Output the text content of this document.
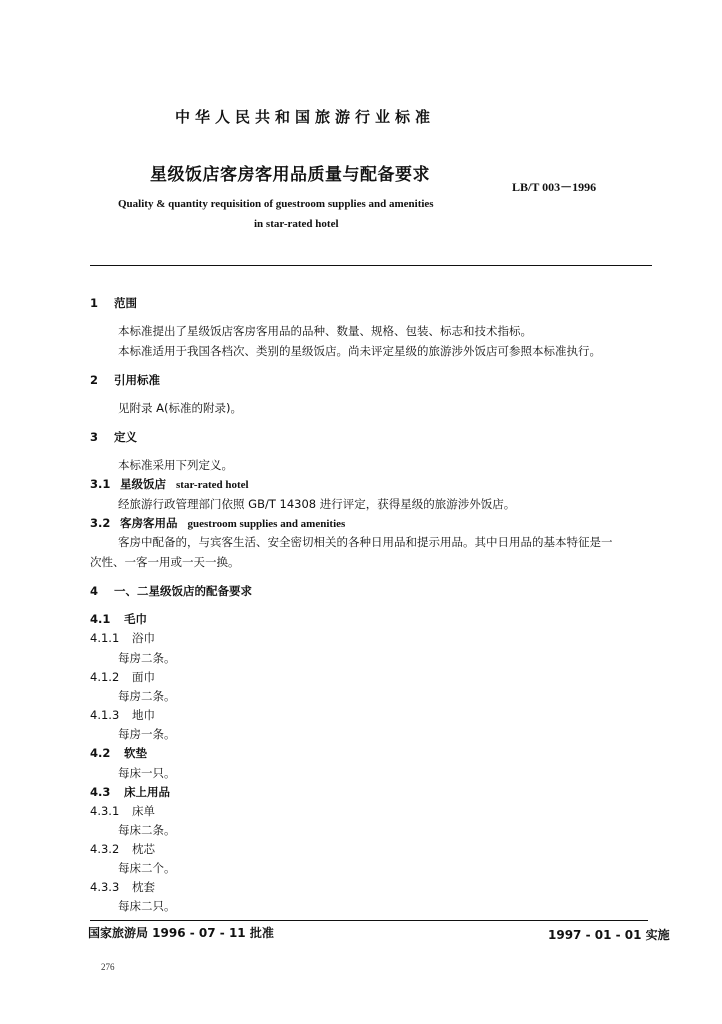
中华人民共和国旅游行业标准
星级饭店客房客用品质量与配备要求
LB/T 003－1996
Quality & quantity requisition of guestroom supplies and amenities
in star-rated hotel
1 范围
本标准提出了星级饭店客房客用品的品种、数量、规格、包装、标志和技术指标。
本标准适用于我国各档次、类别的星级饭店。尚未评定星级的旅游涉外饭店可参照本标准执行。
2 引用标准
见附录 A(标准的附录)。
3 定义
本标准采用下列定义。
3.1 星级饭店 star-rated hotel
经旅游行政管理部门依照 GB/T 14308 进行评定，获得星级的旅游涉外饭店。
3.2 客房客用品 guestroom supplies and amenities
客房中配备的，与宾客生活、安全密切相关的各种日用品和提示用品。其中日用品的基本特征是一
次性、一客一用或一天一换。
4 一、二星级饭店的配备要求
4.1 毛巾
4.1.1 浴巾
每房二条。
4.1.2 面巾
每房二条。
4.1.3 地巾
每房一条。
4.2 软垫
每床一只。
4.3 床上用品
4.3.1 床单
每床二条。
4.3.2 枕芯
每床二个。
4.3.3 枕套
每床二只。
国家旅游局 1996 - 07 - 11 批准	1997 - 01 - 01 实施
276
